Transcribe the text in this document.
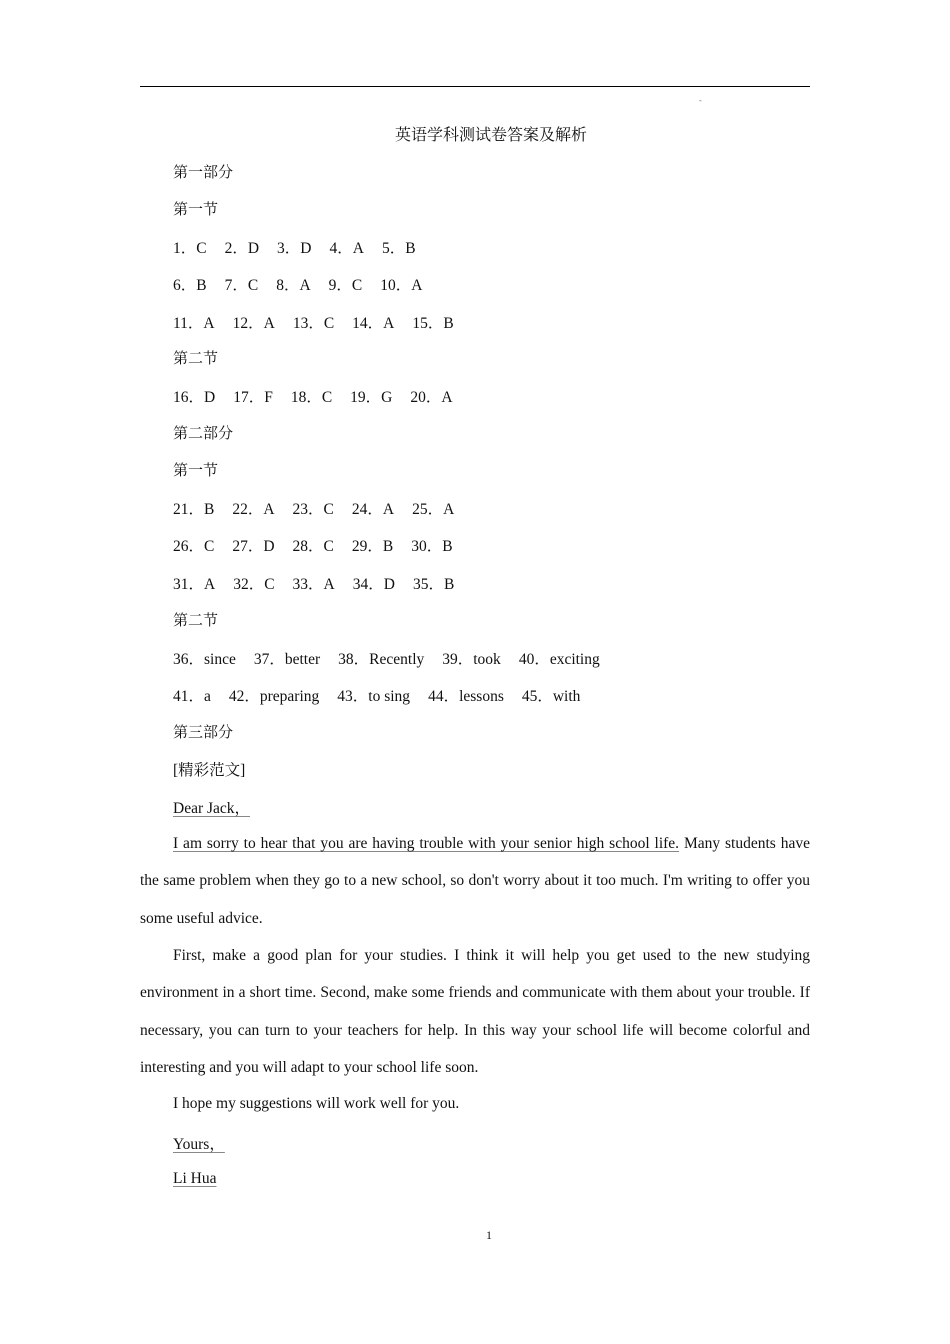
-
英语学科测试卷答案及解析
第一部分
第一节
1．C 2．D 3．D 4．A 5．B
6．B 7．C 8．A 9．C 10．A
11．A 12．A 13．C 14．A 15．B
第二节
16．D 17．F 18．C 19．G 20．A
第二部分
第一节
21．B 22．A 23．C 24．A 25．A
26．C 27．D 28．C 29．B 30．B
31．A 32．C 33．A 34．D 35．B
第二节
36．since 37．better 38．Recently 39．took 40．exciting
41．a 42．preparing 43．to sing 44．lessons 45．with
第三部分
[精彩范文]
Dear Jack，
I am sorry to hear that you are having trouble with your senior high school life. Many students have the same problem when they go to a new school, so don't worry about it too much. I'm writing to offer you some useful advice.
First, make a good plan for your studies. I think it will help you get used to the new studying environment in a short time. Second, make some friends and communicate with them about your trouble. If necessary, you can turn to your teachers for help. In this way your school life will become colorful and interesting and you will adapt to your school life soon.
I hope my suggestions will work well for you.
Yours，
Li Hua
1
